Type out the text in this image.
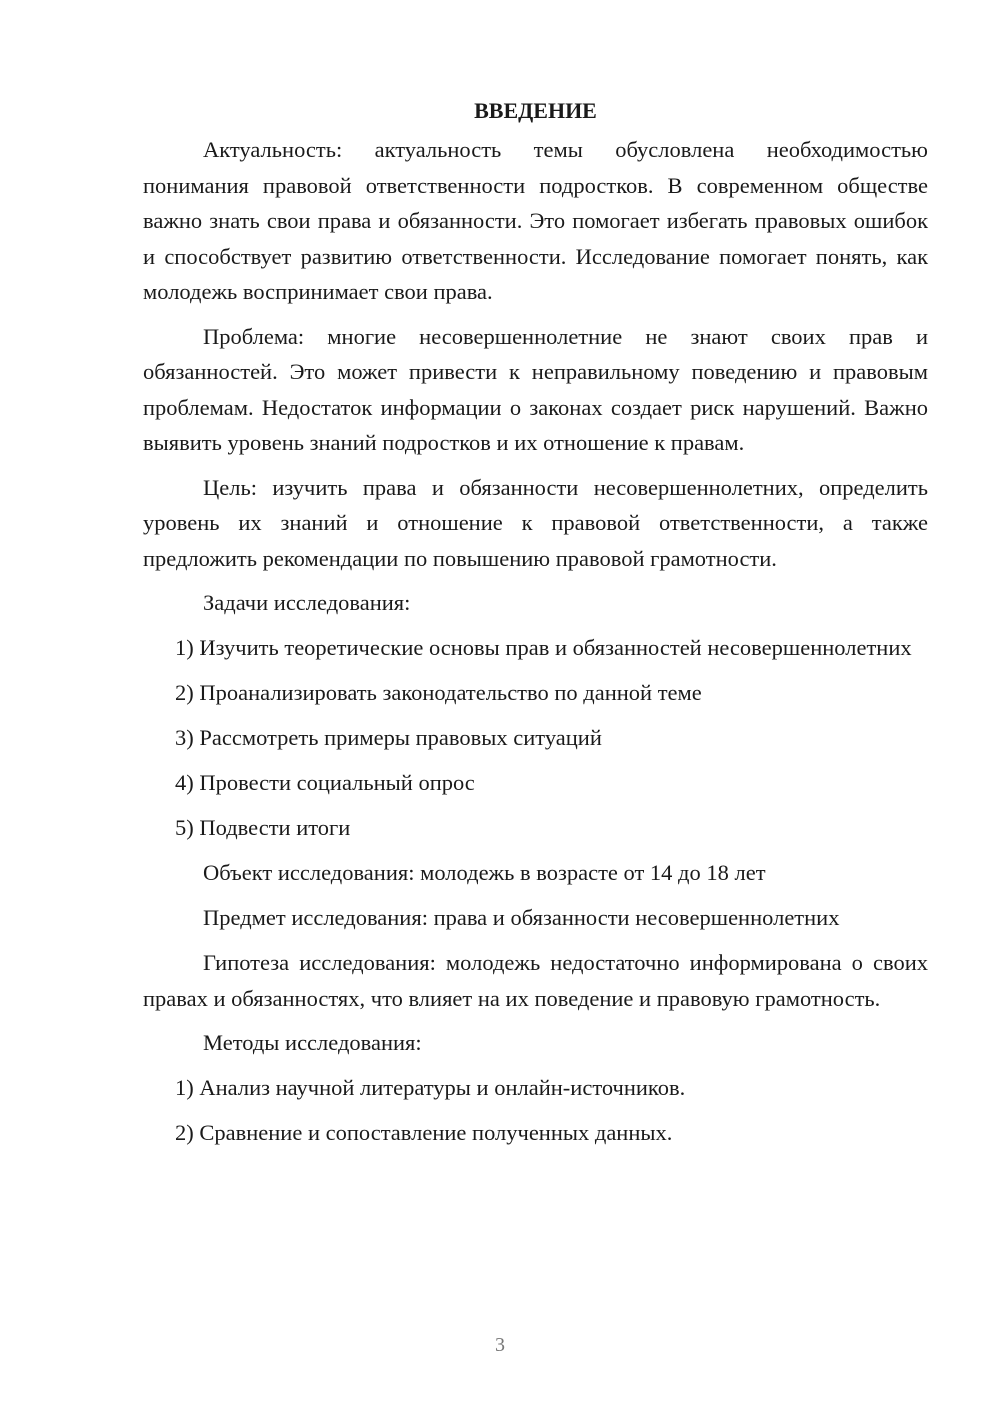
ВВЕДЕНИЕ

Актуальность: актуальность темы обусловлена необходимостью понимания правовой ответственности подростков. В современном обществе важно знать свои права и обязанности. Это помогает избегать правовых ошибок и способствует развитию ответственности. Исследование помогает понять, как молодежь воспринимает свои права.

Проблема: многие несовершеннолетние не знают своих прав и обязанностей. Это может привести к неправильному поведению и правовым проблемам. Недостаток информации о законах создает риск нарушений. Важно выявить уровень знаний подростков и их отношение к правам.

Цель: изучить права и обязанности несовершеннолетних, определить уровень их знаний и отношение к правовой ответственности, а также предложить рекомендации по повышению правовой грамотности.

Задачи исследования:

1) Изучить теоретические основы прав и обязанностей несовершеннолетних

2) Проанализировать законодательство по данной теме

3) Рассмотреть примеры правовых ситуаций

4) Провести социальный опрос

5) Подвести итоги

Объект исследования: молодежь в возрасте от 14 до 18 лет

Предмет исследования: права и обязанности несовершеннолетних

Гипотеза исследования: молодежь недостаточно информирована о своих правах и обязанностях, что влияет на их поведение и правовую грамотность.

Методы исследования:

1) Анализ научной литературы и онлайн-источников.

2) Сравнение и сопоставление полученных данных.

3
